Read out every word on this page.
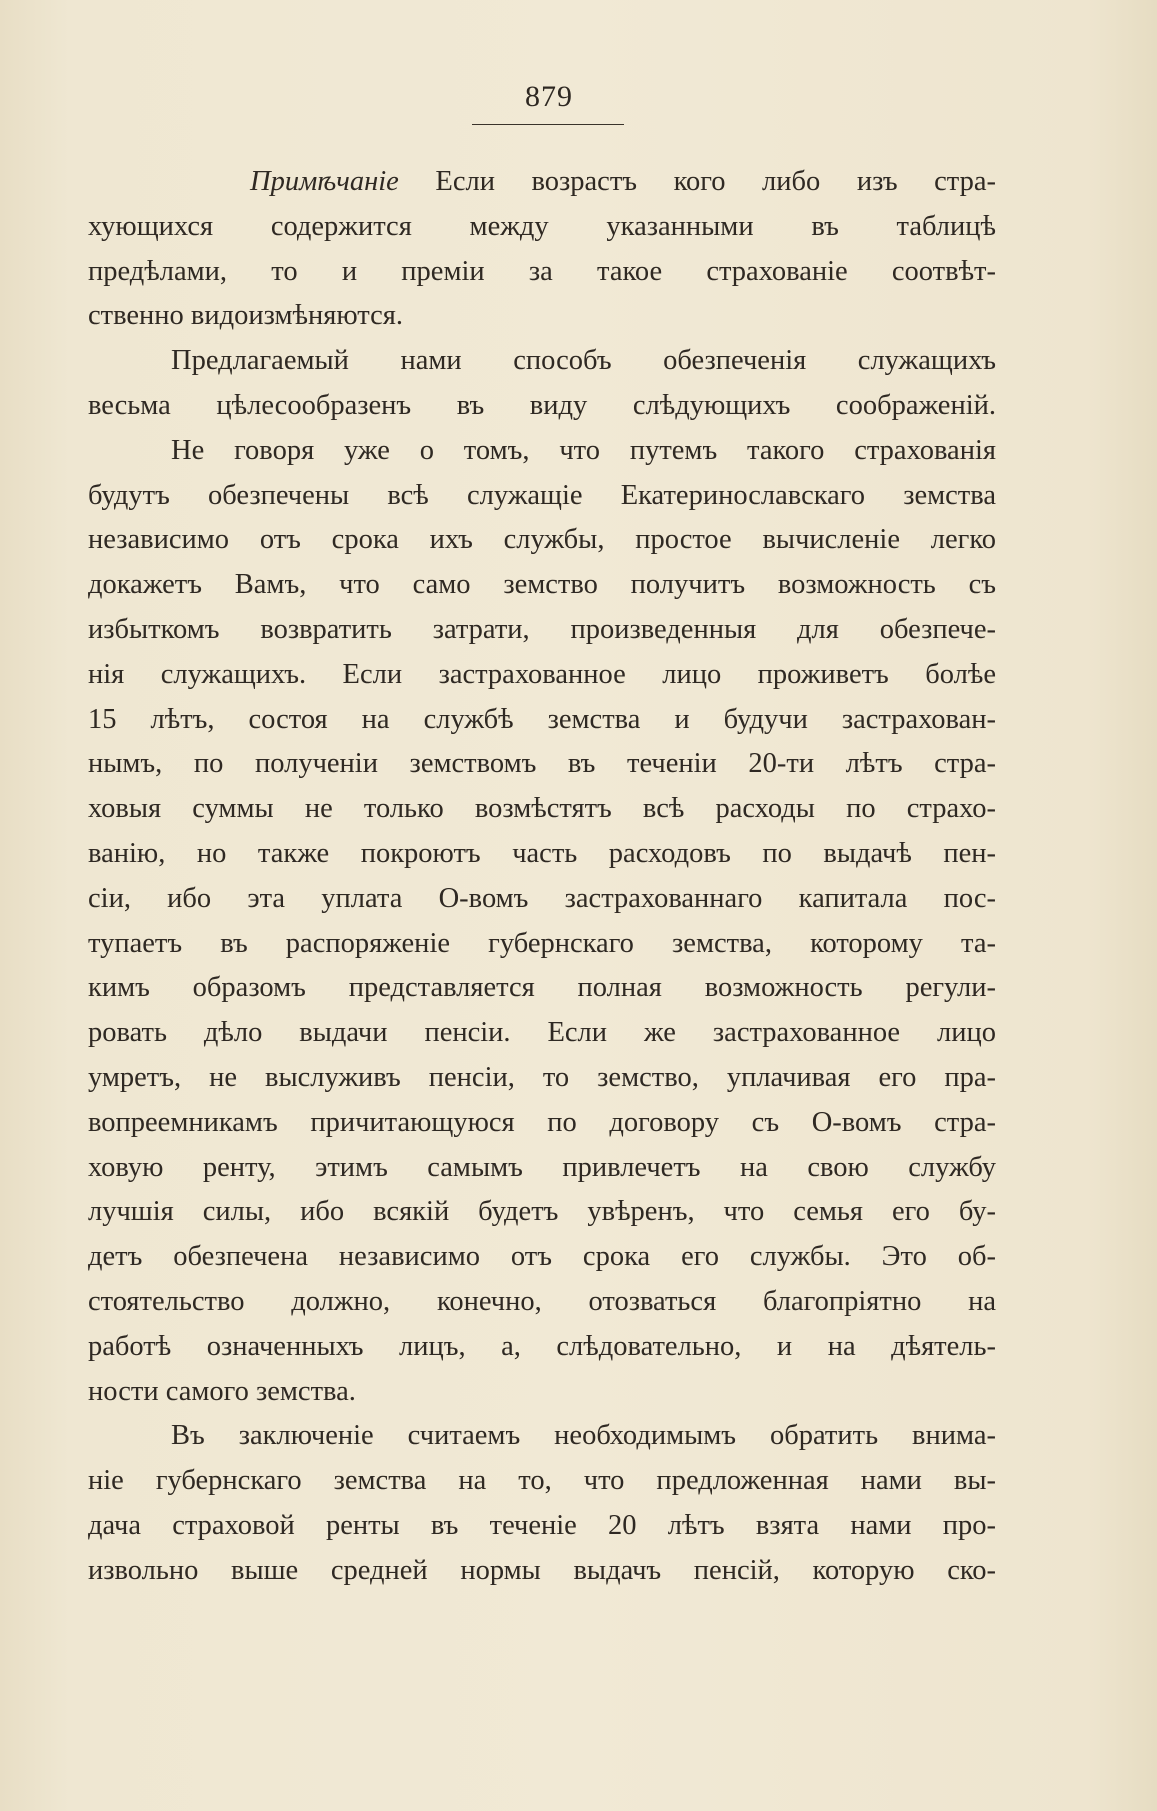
879
Примѣчаніе Если возрастъ кого либо изъ стра-
хующихся содержится между указанными въ таблицѣ
предѣлами, то и преміи за такое страхованіе соотвѣт-
ственно видоизмѣняются.
Предлагаемый нами способъ обезпеченія служащихъ
весьма цѣлесообразенъ въ виду слѣдующихъ соображеній.
Не говоря уже о томъ, что путемъ такого страхованія
будутъ обезпечены всѣ служащіе Екатеринославскаго земства
независимо отъ срока ихъ службы, простое вычисленіе легко
докажетъ Вамъ, что само земство получитъ возможность съ
избыткомъ возвратить затрати, произведенныя для обезпече-
нія служащихъ. Если застрахованное лицо проживетъ болѣе
15 лѣтъ, состоя на службѣ земства и будучи застрахован-
нымъ, по полученіи земствомъ въ теченіи 20-ти лѣтъ стра-
ховыя суммы не только возмѣстятъ всѣ расходы по страхо-
ванію, но также покроютъ часть расходовъ по выдачѣ пен-
сіи, ибо эта уплата О-вомъ застрахованнаго капитала пос-
тупаетъ въ распоряженіе губернскаго земства, которому та-
кимъ образомъ представляется полная возможность регули-
ровать дѣло выдачи пенсіи. Если же застрахованное лицо
умретъ, не выслуживъ пенсіи, то земство, уплачивая его пра-
вопреемникамъ причитающуюся по договору съ О-вомъ стра-
ховую ренту, этимъ самымъ привлечетъ на свою службу
лучшія силы, ибо всякій будетъ увѣренъ, что семья его бу-
детъ обезпечена независимо отъ срока его службы. Это об-
стоятельство должно, конечно, отозваться благопріятно на
работѣ означенныхъ лицъ, а, слѣдовательно, и на дѣятель-
ности самого земства.
Въ заключеніе считаемъ необходимымъ обратить внима-
ніе губернскаго земства на то, что предложенная нами вы-
дача страховой ренты въ теченіе 20 лѣтъ взята нами про-
извольно выше средней нормы выдачъ пенсій, которую ско-
